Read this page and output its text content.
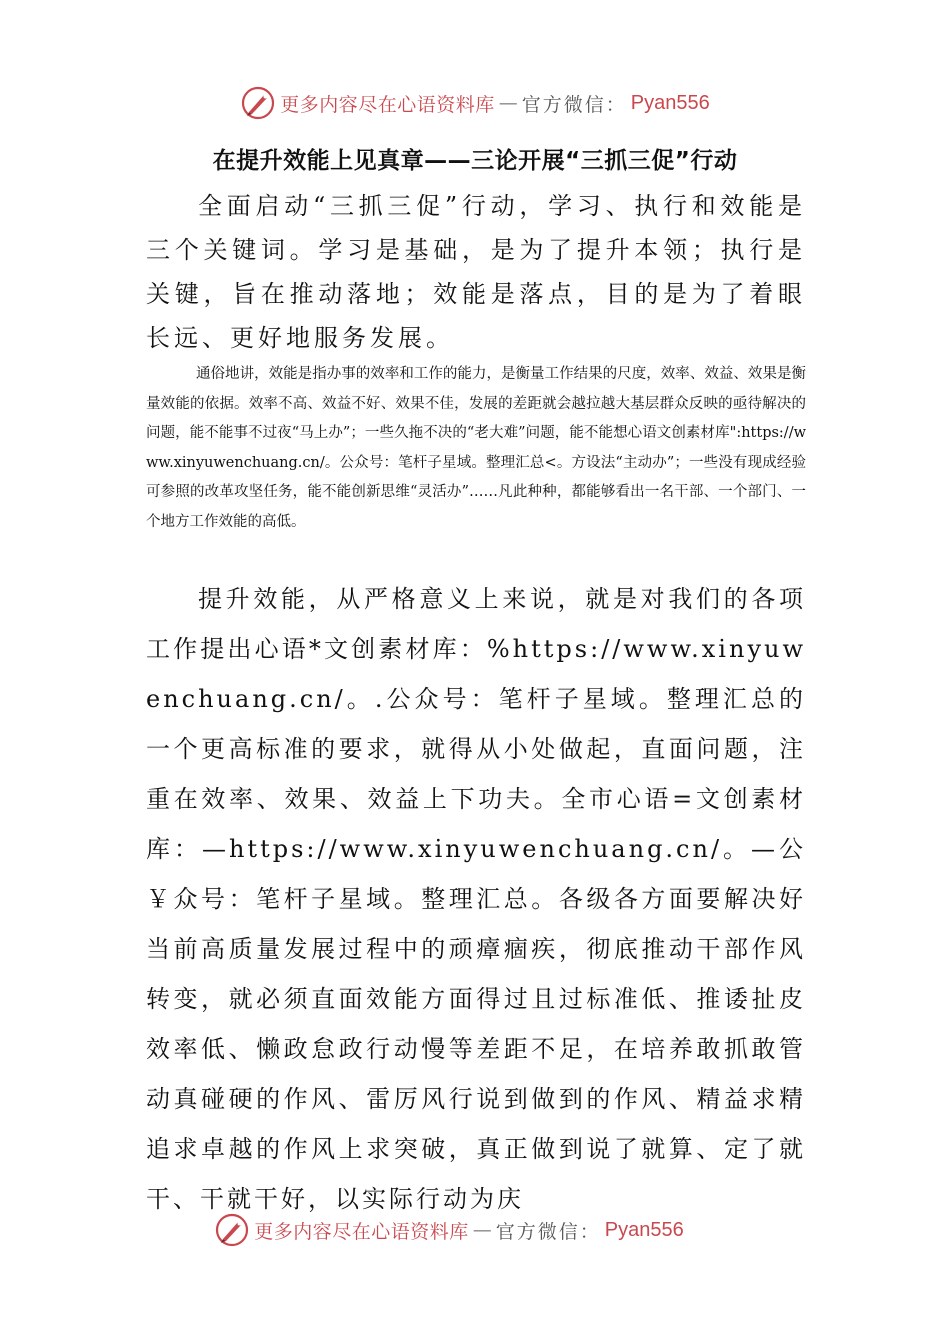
更多内容尽在心语资料库 — 官方微信： Pyan556
在提升效能上见真章——三论开展“三抓三促”行动

全面启动“三抓三促”行动，学习、执行和效能是三个关键词。学习是基础，是为了提升本领；执行是关键，旨在推动落地；效能是落点，目的是为了着眼长远、更好地服务发展。

通俗地讲，效能是指办事的效率和工作的能力，是衡量工作结果的尺度，效率、效益、效果是衡量效能的依据。效率不高、效益不好、效果不佳，发展的差距就会越拉越大基层群众反映的亟待解决的问题，能不能事不过夜“马上办”；一些久拖不决的“老大难”问题，能不能想心语文创素材库":https://www.xinyuwenchuang.cn/。公众号：笔杆子星域。整理汇总<。方设法“主动办”；一些没有现成经验可参照的改革攻坚任务，能不能创新思维“灵活办”……凡此种种，都能够看出一名干部、一个部门、一个地方工作效能的高低。

提升效能，从严格意义上来说，就是对我们的各项工作提出心语*文创素材库：%https://www.xinyuwenchuang.cn/。.公众号：笔杆子星域。整理汇总的一个更高标准的要求，就得从小处做起，直面问题，注重在效率、效果、效益上下功夫。全市心语=文创素材库：—https://www.xinyuwenchuang.cn/。—公￥众号：笔杆子星域。整理汇总。各级各方面要解决好当前高质量发展过程中的顽瘴痼疾，彻底推动干部作风转变，就必须直面效能方面得过且过标准低、推诿扯皮效率低、懒政怠政行动慢等差距不足，在培养敢抓敢管动真碰硬的作风、雷厉风行说到做到的作风、精益求精追求卓越的作风上求突破，真正做到说了就算、定了就干、干就干好，以实际行动为庆

更多内容尽在心语资料库 — 官方微信： Pyan556
